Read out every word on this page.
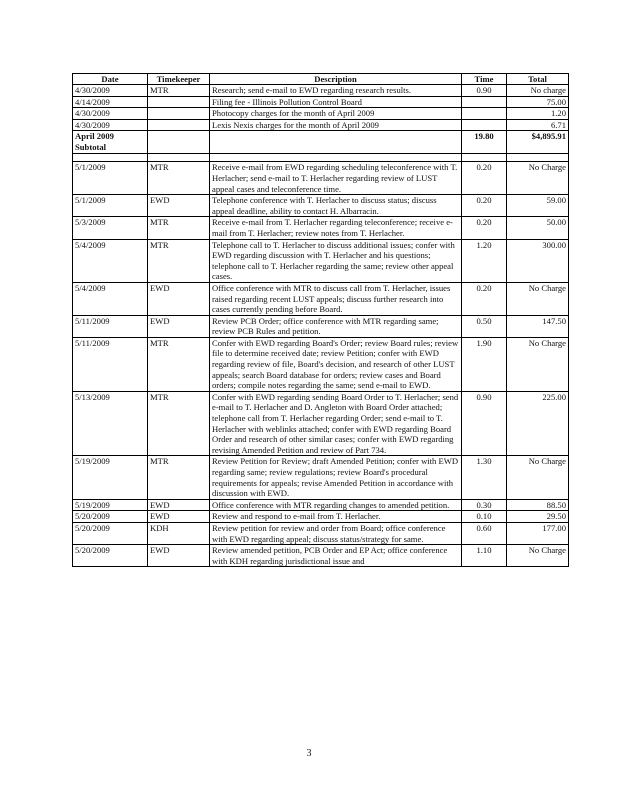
Date	Timekeeper	Description	Time	Total
4/30/2009	MTR	Research; send e-mail to EWD regarding research results.	0.90	No charge
4/14/2009		Filing fee - Illinois Pollution Control Board		75.00
4/30/2009		Photocopy charges for the month of April 2009		1.20
4/30/2009		Lexis Nexis charges for the month of April 2009		6.71
April 2009 Subtotal			19.80	$4,895.91

5/1/2009	MTR	Receive e-mail from EWD regarding scheduling teleconference with T. Herlacher; send e-mail to T. Herlacher regarding review of LUST appeal cases and teleconference time.	0.20	No Charge
5/1/2009	EWD	Telephone conference with T. Herlacher to discuss status; discuss appeal deadline, ability to contact H. Albarracin.	0.20	59.00
5/3/2009	MTR	Receive e-mail from T. Herlacher regarding teleconference; receive e-mail from T. Herlacher; review notes from T. Herlacher.	0.20	50.00
5/4/2009	MTR	Telephone call to T. Herlacher to discuss additional issues; confer with EWD regarding discussion with T. Herlacher and his questions; telephone call to T. Herlacher regarding the same; review other appeal cases.	1.20	300.00
5/4/2009	EWD	Office conference with MTR to discuss call from T. Herlacher, issues raised regarding recent LUST appeals; discuss further research into cases currently pending before Board.	0.20	No Charge
5/11/2009	EWD	Review PCB Order; office conference with MTR regarding same; review PCB Rules and petition.	0.50	147.50
5/11/2009	MTR	Confer with EWD regarding Board's Order; review Board rules; review file to determine received date; review Petition; confer with EWD regarding review of file, Board's decision, and research of other LUST appeals; search Board database for orders; review cases and Board orders; compile notes regarding the same; send e-mail to EWD.	1.90	No Charge
5/13/2009	MTR	Confer with EWD regarding sending Board Order to T. Herlacher; send e-mail to T. Herlacher and D. Angleton with Board Order attached; telephone call from T. Herlacher regarding Order; send e-mail to T. Herlacher with weblinks attached; confer with EWD regarding Board Order and research of other similar cases; confer with EWD regarding revising Amended Petition and review of Part 734.	0.90	225.00
5/19/2009	MTR	Review Petition for Review; draft Amended Petition; confer with EWD regarding same; review regulations; review Board's procedural requirements for appeals; revise Amended Petition in accordance with discussion with EWD.	1.30	No Charge
5/19/2009	EWD	Office conference with MTR regarding changes to amended petition.	0.30	88.50
5/20/2009	EWD	Review and respond to e-mail from T. Herlacher.	0.10	29.50
5/20/2009	KDH	Review petition for review and order from Board; office conference with EWD regarding appeal; discuss status/strategy for same.	0.60	177.00
5/20/2009	EWD	Review amended petition, PCB Order and EP Act; office conference with KDH regarding jurisdictional issue and	1.10	No Charge
3
